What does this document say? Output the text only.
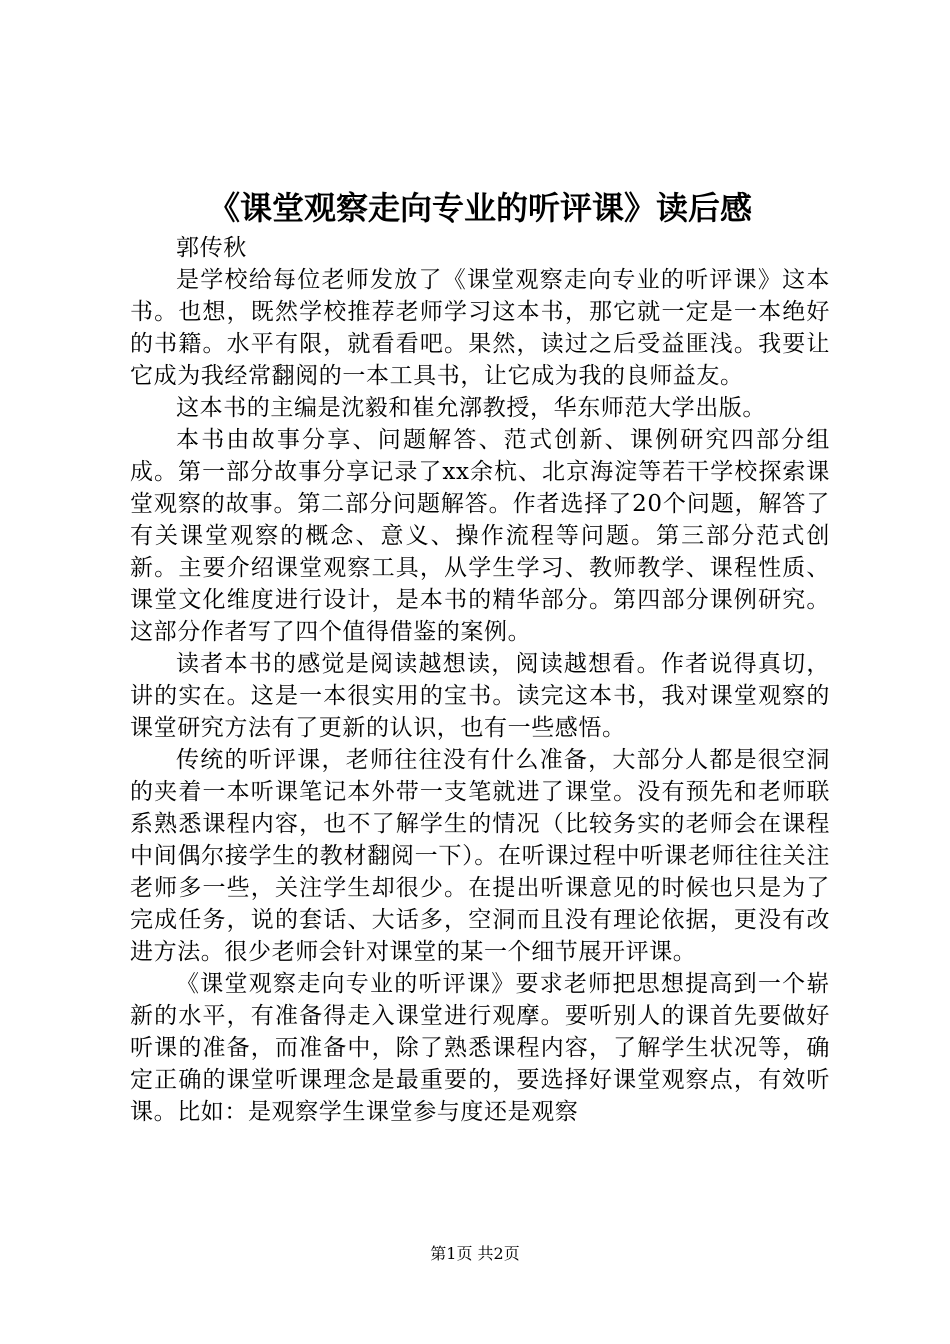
《课堂观察走向专业的听评课》读后感

郭传秋

是学校给每位老师发放了《课堂观察走向专业的听评课》这本书。也想，既然学校推荐老师学习这本书，那它就一定是一本绝好的书籍。水平有限，就看看吧。果然，读过之后受益匪浅。我要让它成为我经常翻阅的一本工具书，让它成为我的良师益友。

这本书的主编是沈毅和崔允漷教授，华东师范大学出版。

本书由故事分享、问题解答、范式创新、课例研究四部分组成。第一部分故事分享记录了xx余杭、北京海淀等若干学校探索课堂观察的故事。第二部分问题解答。作者选择了20个问题，解答了有关课堂观察的概念、意义、操作流程等问题。第三部分范式创新。主要介绍课堂观察工具，从学生学习、教师教学、课程性质、课堂文化维度进行设计，是本书的精华部分。第四部分课例研究。这部分作者写了四个值得借鉴的案例。

读者本书的感觉是阅读越想读，阅读越想看。作者说得真切，讲的实在。这是一本很实用的宝书。读完这本书，我对课堂观察的课堂研究方法有了更新的认识，也有一些感悟。

传统的听评课，老师往往没有什么准备，大部分人都是很空洞的夹着一本听课笔记本外带一支笔就进了课堂。没有预先和老师联系熟悉课程内容，也不了解学生的情况（比较务实的老师会在课程中间偶尔接学生的教材翻阅一下）。在听课过程中听课老师往往关注老师多一些，关注学生却很少。在提出听课意见的时候也只是为了完成任务，说的套话、大话多，空洞而且没有理论依据，更没有改进方法。很少老师会针对课堂的某一个细节展开评课。

《课堂观察走向专业的听评课》要求老师把思想提高到一个崭新的水平，有准备得走入课堂进行观摩。要听别人的课首先要做好听课的准备，而准备中，除了熟悉课程内容，了解学生状况等，确定正确的课堂听课理念是最重要的，要选择好课堂观察点，有效听课。比如：是观察学生课堂参与度还是观察

第1页 共2页
